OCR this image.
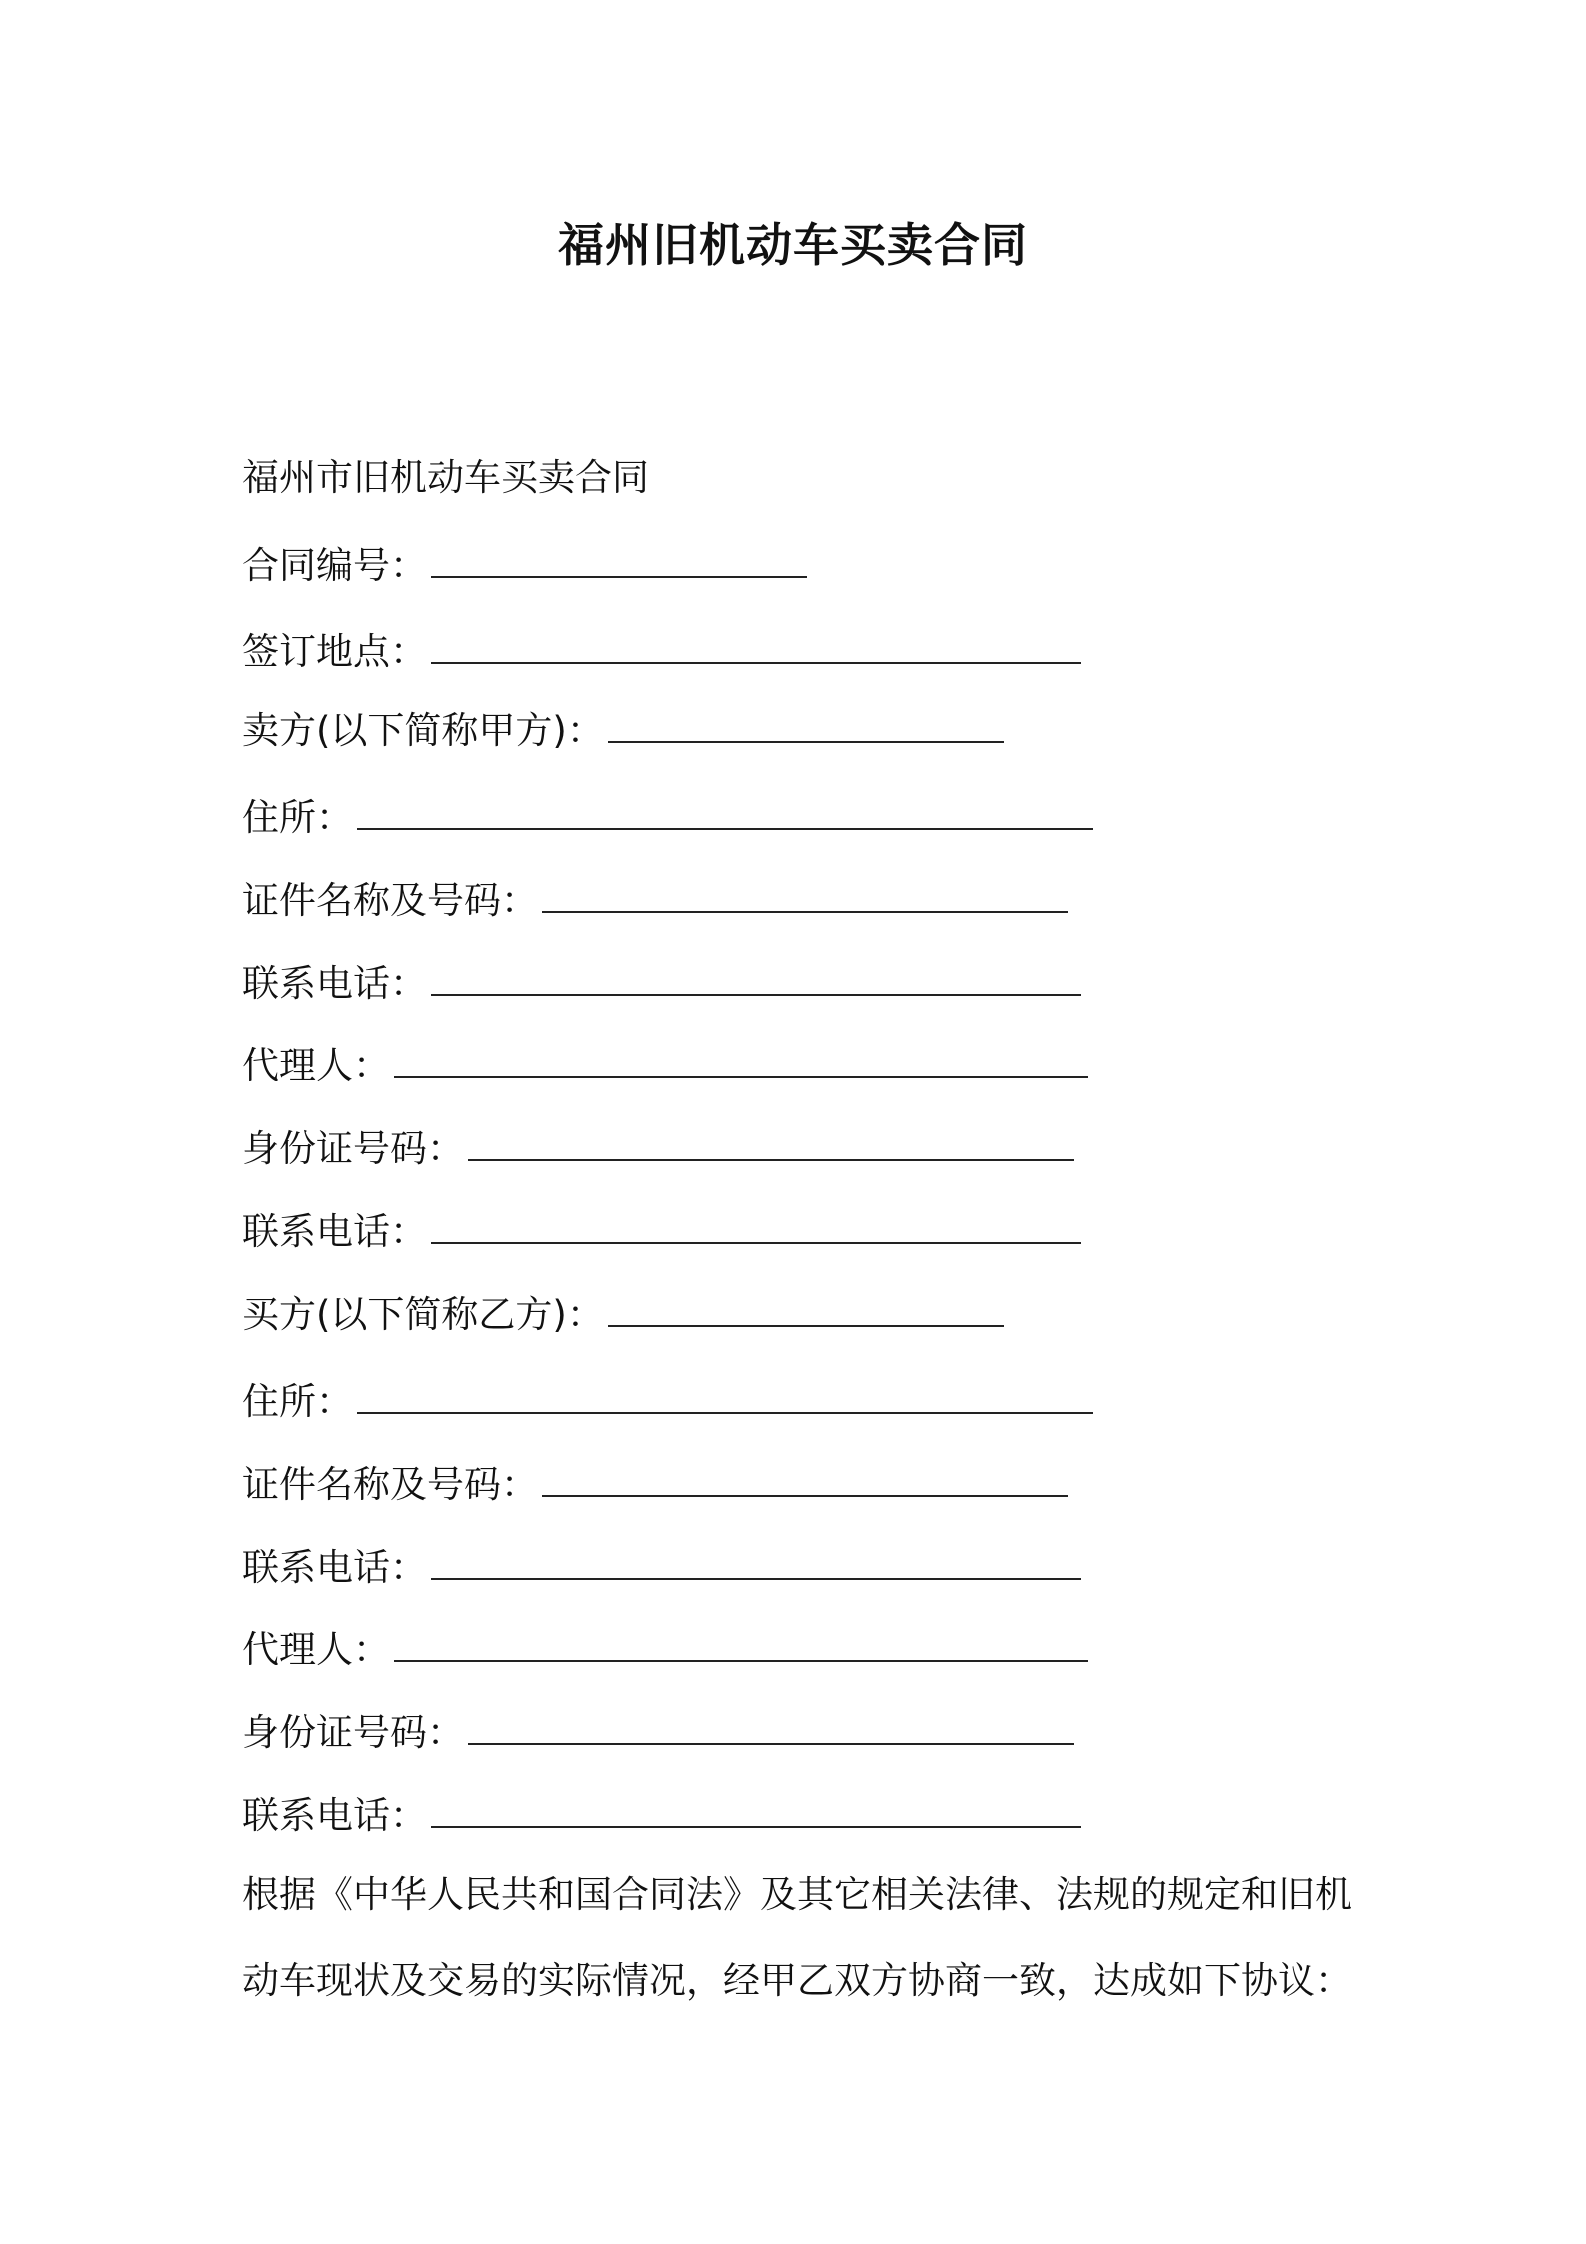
福州旧机动车买卖合同
福州市旧机动车买卖合同
合同编号：
签订地点：
卖方(以下简称甲方)：
住所：
证件名称及号码：
联系电话：
代理人：
身份证号码：
联系电话：
买方(以下简称乙方)：
住所：
证件名称及号码：
联系电话：
代理人：
身份证号码：
联系电话：
根据《中华人民共和国合同法》及其它相关法律、法规的规定和旧机
动车现状及交易的实际情况，经甲乙双方协商一致，达成如下协议：
